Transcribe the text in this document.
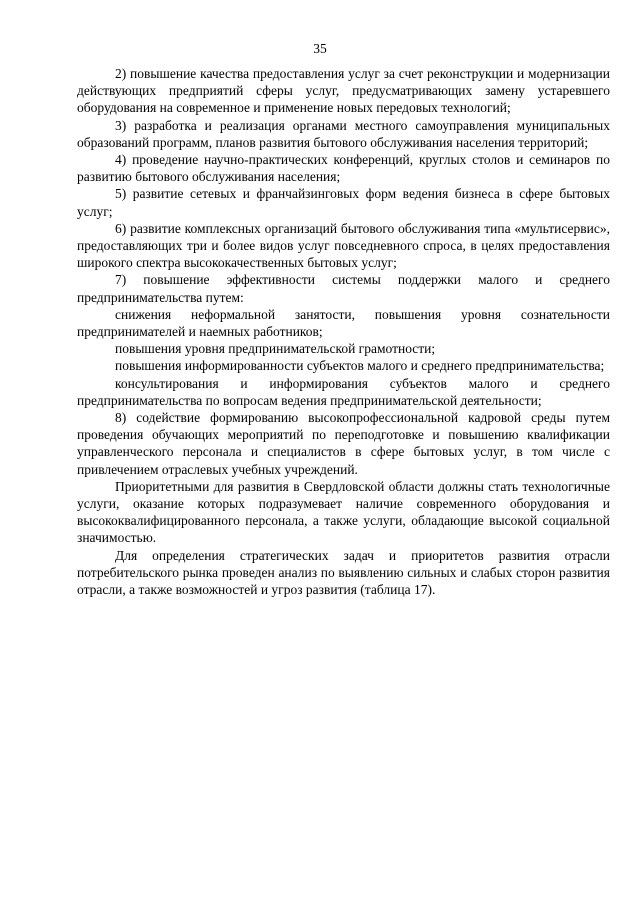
35

2) повышение качества предоставления услуг за счет реконструкции и модернизации действующих предприятий сферы услуг, предусматривающих замену устаревшего оборудования на современное и применение новых передовых технологий;

3) разработка и реализация органами местного самоуправления муниципальных образований программ, планов развития бытового обслуживания населения территорий;

4) проведение научно-практических конференций, круглых столов и семинаров по развитию бытового обслуживания населения;

5) развитие сетевых и франчайзинговых форм ведения бизнеса в сфере бытовых услуг;

6) развитие комплексных организаций бытового обслуживания типа «мультисервис», предоставляющих три и более видов услуг повседневного спроса, в целях предоставления широкого спектра высококачественных бытовых услуг;

7) повышение эффективности системы поддержки малого и среднего предпринимательства путем:

снижения неформальной занятости, повышения уровня сознательности предпринимателей и наемных работников;

повышения уровня предпринимательской грамотности;

повышения информированности субъектов малого и среднего предпринимательства;

консультирования и информирования субъектов малого и среднего предпринимательства по вопросам ведения предпринимательской деятельности;

8) содействие формированию высокопрофессиональной кадровой среды путем проведения обучающих мероприятий по переподготовке и повышению квалификации управленческого персонала и специалистов в сфере бытовых услуг, в том числе с привлечением отраслевых учебных учреждений.

Приоритетными для развития в Свердловской области должны стать технологичные услуги, оказание которых подразумевает наличие современного оборудования и высококвалифицированного персонала, а также услуги, обладающие высокой социальной значимостью.

Для определения стратегических задач и приоритетов развития отрасли потребительского рынка проведен анализ по выявлению сильных и слабых сторон развития отрасли, а также возможностей и угроз развития (таблица 17).
